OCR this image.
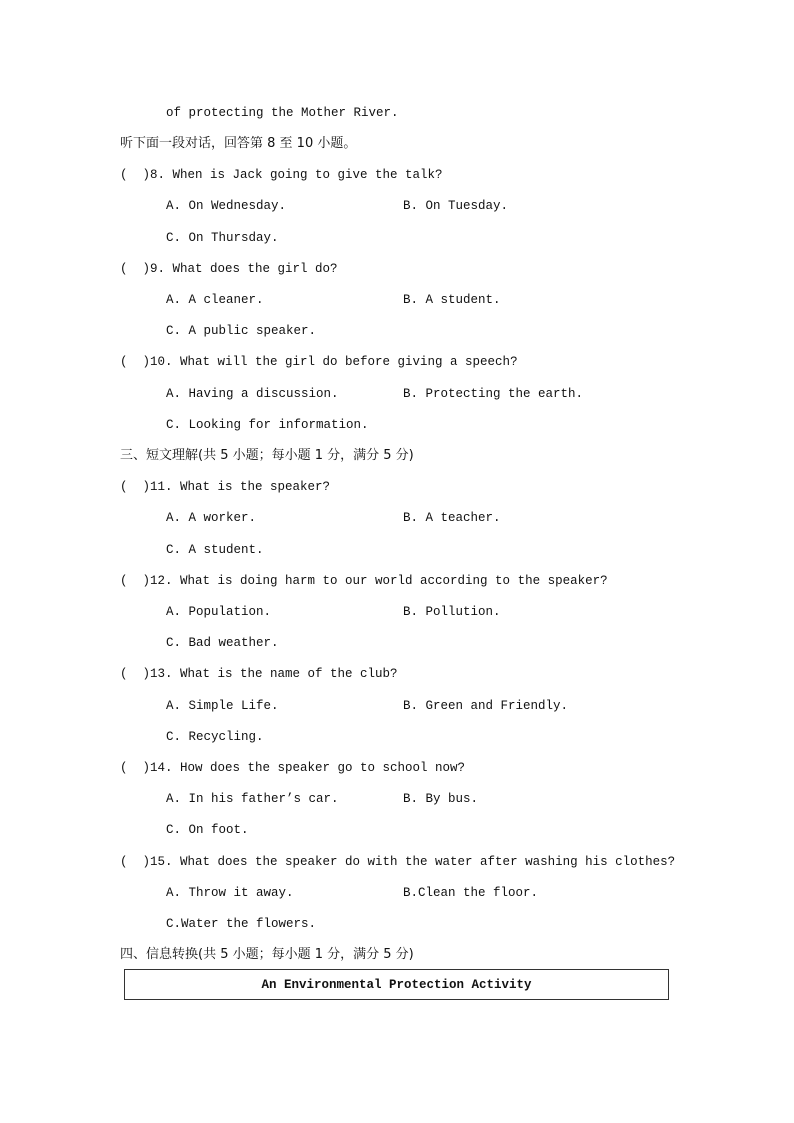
of protecting the Mother River.
听下面一段对话，回答第 8 至 10 小题。
(  )8. When is Jack going to give the talk?
A. On Wednesday.	B. On Tuesday.
C. On Thursday.
(  )9. What does the girl do?
A. A cleaner.	B. A student.
C. A public speaker.
(  )10. What will the girl do before giving a speech?
A. Having a discussion.	B. Protecting the earth.
C. Looking for information.
三、短文理解(共 5 小题；每小题 1 分，满分 5 分)
(  )11. What is the speaker?
A. A worker.	B. A teacher.
C. A student.
(  )12. What is doing harm to our world according to the speaker?
A. Population.	B. Pollution.
C. Bad weather.
(  )13. What is the name of the club?
A. Simple Life.	B. Green and Friendly.
C. Recycling.
(  )14. How does the speaker go to school now?
A. In his father’s car.	B. By bus.
C. On foot.
(  )15. What does the speaker do with the water after washing his clothes?
A. Throw it away.	B.Clean the floor.
C.Water the flowers.
四、信息转换(共 5 小题；每小题 1 分，满分 5 分)
An Environmental Protection Activity
